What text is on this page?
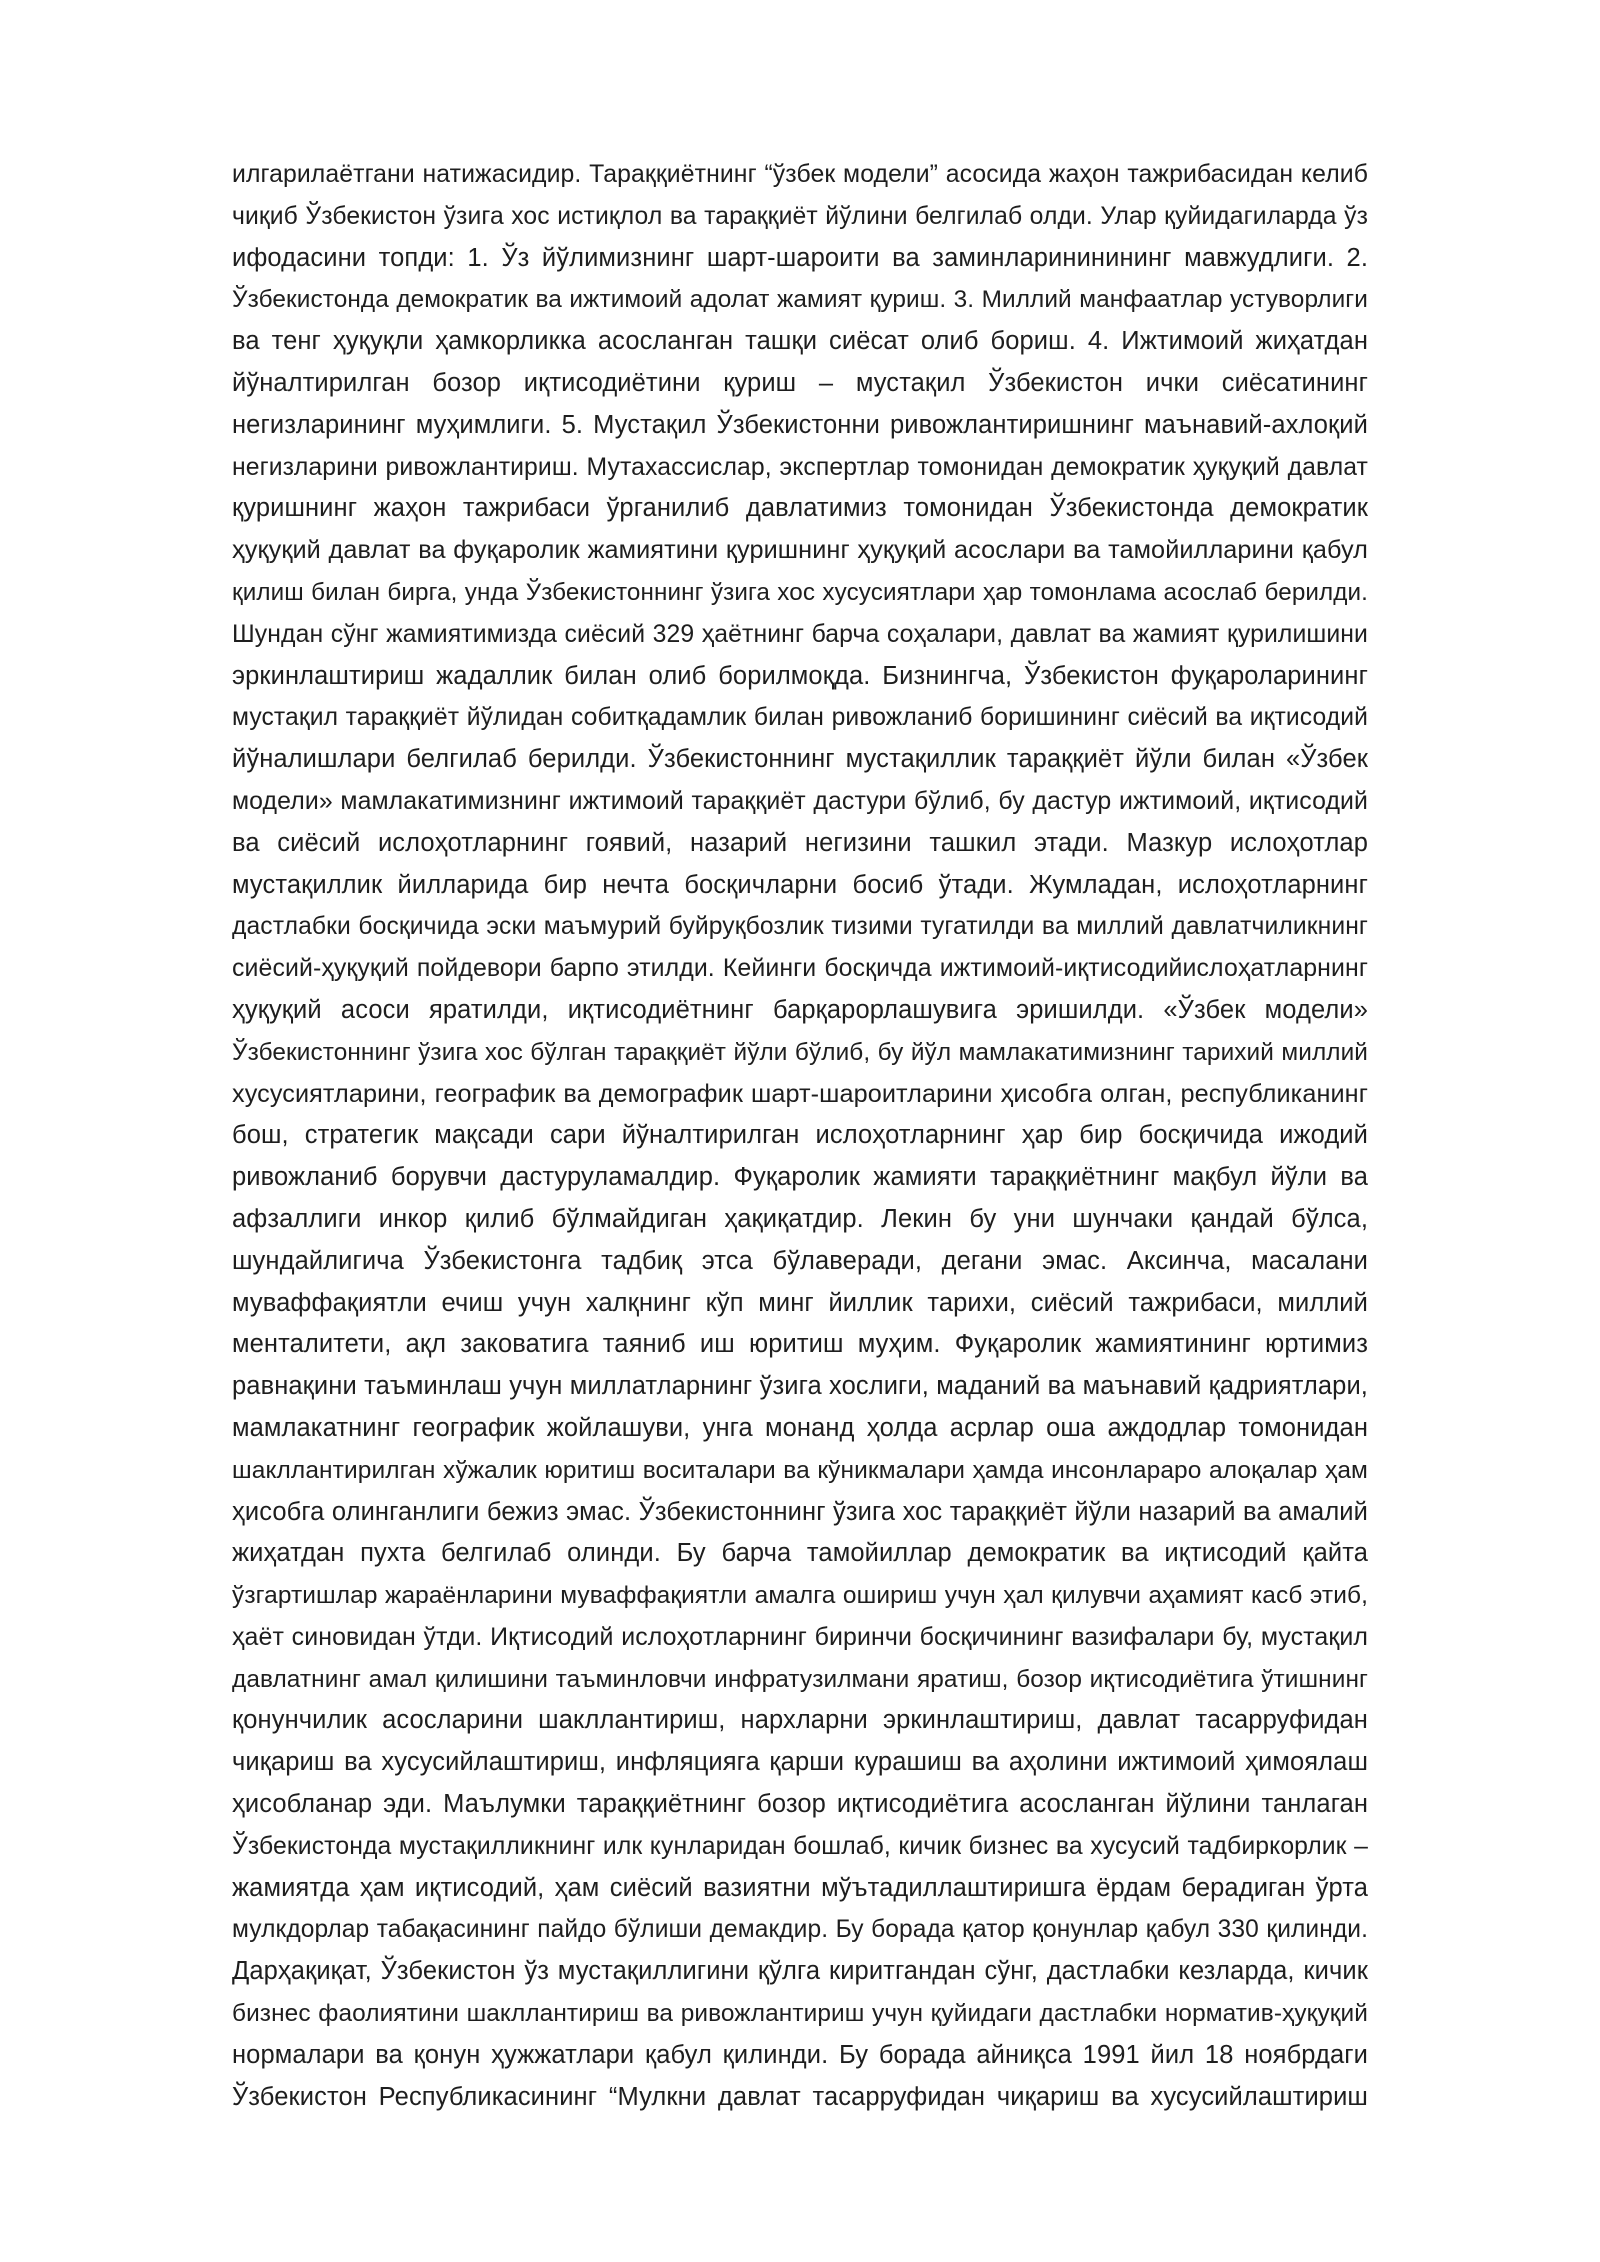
илгарилаётгани натижасидир. Тараққиётнинг “ўзбек модели” асосида жаҳон тажрибасидан келиб
чиқиб Ўзбекистон ўзига хос истиқлол ва тараққиёт йўлини белгилаб олди. Улар қуйидагиларда ўз
ифодасини топди: 1. Ўз йўлимизнинг шарт-шароити ва заминларининининг мавжудлиги. 2.
Ўзбекистонда демократик ва ижтимоий адолат жамият қуриш. 3. Миллий манфаатлар устуворлиги
ва тенг ҳуқуқли ҳамкорликка асосланган ташқи сиёсат олиб бориш. 4. Ижтимоий жиҳатдан
йўналтирилган бозор иқтисодиётини қуриш – мустақил Ўзбекистон ички сиёсатининг
негизларининг муҳимлиги. 5. Мустақил Ўзбекистонни ривожлантиришнинг маънавий-ахлоқий
негизларини ривожлантириш. Мутахассислар, экспертлар томонидан демократик ҳуқуқий давлат
қуришнинг жаҳон тажрибаси ўрганилиб давлатимиз томонидан Ўзбекистонда демократик
ҳуқуқий давлат ва фуқаролик жамиятини қуришнинг ҳуқуқий асослари ва тамойилларини қабул
қилиш билан бирга, унда Ўзбекистоннинг ўзига хос хусусиятлари ҳар томонлама асослаб берилди.
Шундан сўнг жамиятимизда сиёсий 329 ҳаётнинг барча соҳалари, давлат ва жамият қурилишини
эркинлаштириш жадаллик билан олиб борилмоқда. Бизнингча, Ўзбекистон фуқароларининг
мустақил тараққиёт йўлидан собитқадамлик билан ривожланиб боришининг сиёсий ва иқтисодий
йўналишлари белгилаб берилди. Ўзбекистоннинг мустақиллик тараққиёт йўли билан «Ўзбек
модели» мамлакатимизнинг ижтимоий тараққиёт дастури бўлиб, бу дастур ижтимоий, иқтисодий
ва сиёсий ислоҳотларнинг гоявий, назарий негизини ташкил этади. Мазкур ислоҳотлар
мустақиллик йилларида бир нечта босқичларни босиб ўтади. Жумладан, ислоҳотларнинг
дастлабки босқичида эски маъмурий буйруқбозлик тизими тугатилди ва миллий давлатчиликнинг
сиёсий-ҳуқуқий пойдевори барпо этилди. Кейинги босқичда ижтимоий-иқтисодийислоҳатларнинг
ҳуқуқий асоси яратилди, иқтисодиётнинг барқарорлашувига эришилди. «Ўзбек модели»
Ўзбекистоннинг ўзига хос бўлган тараққиёт йўли бўлиб, бу йўл мамлакатимизнинг тарихий миллий
хусусиятларини, географик ва демографик шарт-шароитларини ҳисобга олган, республиканинг
бош, стратегик мақсади сари йўналтирилган ислоҳотларнинг ҳар бир босқичида ижодий
ривожланиб борувчи дастуруламалдир. Фуқаролик жамияти тараққиётнинг мақбул йўли ва
афзаллиги инкор қилиб бўлмайдиган ҳақиқатдир. Лекин бу уни шунчаки қандай бўлса,
шундайлигича Ўзбекистонга тадбиқ этса бўлаверади, дегани эмас. Аксинча, масалани
муваффақиятли ечиш учун халқнинг кўп минг йиллик тарихи, сиёсий тажрибаси, миллий
менталитети, ақл заковатига таяниб иш юритиш муҳим. Фуқаролик жамиятининг юртимиз
равнақини таъминлаш учун миллатларнинг ўзига хослиги, маданий ва маънавий қадриятлари,
мамлакатнинг географик жойлашуви, унга монанд ҳолда асрлар оша аждодлар томонидан
шакллантирилган хўжалик юритиш воситалари ва кўникмалари ҳамда инсонлараро алоқалар ҳам
ҳисобга олинганлиги бежиз эмас. Ўзбекистоннинг ўзига хос тараққиёт йўли назарий ва амалий
жиҳатдан пухта белгилаб олинди. Бу барча тамойиллар демократик ва иқтисодий қайта
ўзгартишлар жараёнларини муваффақиятли амалга ошириш учун ҳал қилувчи аҳамият касб этиб,
ҳаёт синовидан ўтди. Иқтисодий ислоҳотларнинг биринчи босқичининг вазифалари бу, мустақил
давлатнинг амал қилишини таъминловчи инфратузилмани яратиш, бозор иқтисодиётига ўтишнинг
қонунчилик асосларини шакллантириш, нархларни эркинлаштириш, давлат тасарруфидан
чиқариш ва хусусийлаштириш, инфляцияга қарши курашиш ва аҳолини ижтимоий ҳимоялаш
ҳисобланар эди. Маълумки тараққиётнинг бозор иқтисодиётига асосланган йўлини танлаган
Ўзбекистонда мустақилликнинг илк кунларидан бошлаб, кичик бизнес ва хусусий тадбиркорлик –
жамиятда ҳам иқтисодий, ҳам сиёсий вазиятни мўътадиллаштиришга ёрдам берадиган ўрта
мулкдорлар табақасининг пайдо бўлиши демакдир. Бу борада қатор қонунлар қабул 330 қилинди.
Дарҳақиқат, Ўзбекистон ўз мустақиллигини қўлга киритгандан сўнг, дастлабки кезларда, кичик
бизнес фаолиятини шакллантириш ва ривожлантириш учун қуйидаги дастлабки норматив-ҳуқуқий
нормалари ва қонун ҳужжатлари қабул қилинди. Бу борада айниқса 1991 йил 18 ноябрдаги
Ўзбекистон Республикасининг “Мулкни давлат тасарруфидан чиқариш ва хусусийлаштириш
